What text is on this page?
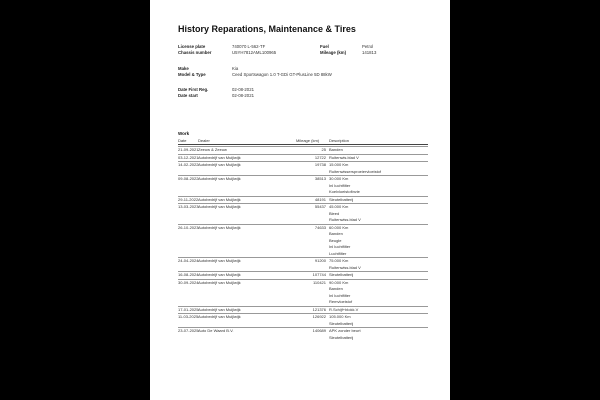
History Reparations, Maintenance & Tires
License plate	740070 L-562-TF	Fuel	Petrol
Chassis number	U5YH7812AML100965	Mileage (km)	141813
Make	Kia
Model & Type	Ceed Sportswagon 1.0 T-GDi GT-PlusLine 5D 88kW
Date First Reg.	02-08-2021
Date start	02-08-2021
Work
Date	Dealer	Mileage (km) Description
21-09-2021 Zeeuw & Zeeuw	25 Banden
03-12-2021 Autobedrijf van Muijlwijk	12722 Ruitenwis.blad V
14-02-2022 Autobedrijf van Muijlwijk	19738 15.000 Km
Ruitenwissersproeiervloeistof
09-08-2022 Autobedrijf van Muijlwijk	38513 30.000 Km
Inl luchtfilter
Koelvloeistofinvie
29-11-2022 Autobedrijf van Muijlwijk	48191 Sleutelbatterij
13-03-2023 Autobedrijf van Muijlwijk	55437 45.000 Km
Bleed
Ruitenwiss.blad V
26-10-2023 Autobedrijf van Muijlwijk	74633 60.000 Km
Banden
Beugle
Inl luchtfilter
Luchtfilter
24-04-2024 Autobedrijf van Muijlwijk	91200 75.000 Km
Ruitenwiss.blad V
16-08-2024 Autobedrijf van Muijlwijk	107744 Sleutelbatterij
30-09-2024 Autobedrijf van Muijlwijk	110421 90.000 Km
Banden
Inl luchtfilter
Remvloeistof
17-01-2025 Autobedrijf van Muijlwijk	121376 R.Schijf+blokk.V
11-03-2025 Autobedrijf van Muijlwijk	126922 105.000 Km
Sleutelbatterij
23-07-2025 Auto De Waard B.V.	140689 APK zonder beurt
Sleutelbatterij
